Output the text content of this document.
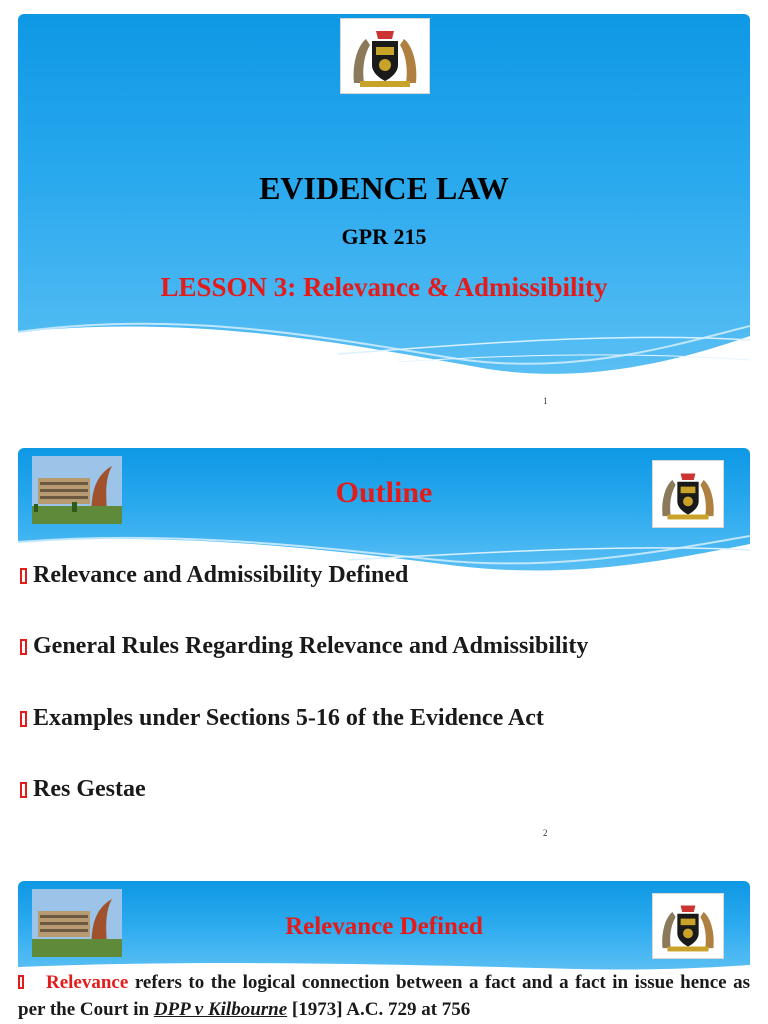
EVIDENCE LAW
GPR 215
LESSON 3: Relevance & Admissibility
1
Outline
Relevance and Admissibility Defined
General Rules Regarding Relevance and Admissibility
Examples under Sections 5-16 of the Evidence Act
Res Gestae
2
Relevance Defined
Relevance refers to the logical connection between a fact and a fact in issue hence as per the Court in DPP v Kilbourne [1973] A.C. 729 at 756
